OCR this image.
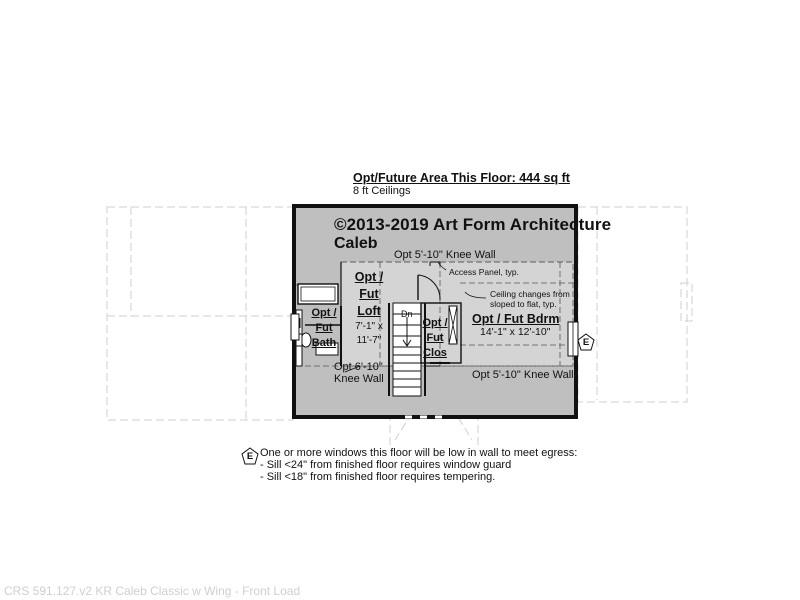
Opt/Future Area This Floor: 444 sq ft
8 ft Ceilings
©2013-2019 Art Form Architecture
Caleb
Opt 5'-10" Knee Wall
Access Panel, typ.
Ceiling changes from
sloped to flat, typ.
Opt /
Fut
Loft
7'-1" x
11'-7"
Opt /
Fut
Bath
Dn
Opt /
Fut
Clos
Opt / Fut Bdrm
14'-1" x 12'-10"
Opt 6'-10"
Knee Wall	Opt 5'-10" Knee Wall
E
E One or more windows this floor will be low in wall to meet egress:
- Sill <24" from finished floor requires window guard
- Sill <18" from finished floor requires tempering.
CRS 591.127.v2 KR Caleb Classic w Wing - Front Load
